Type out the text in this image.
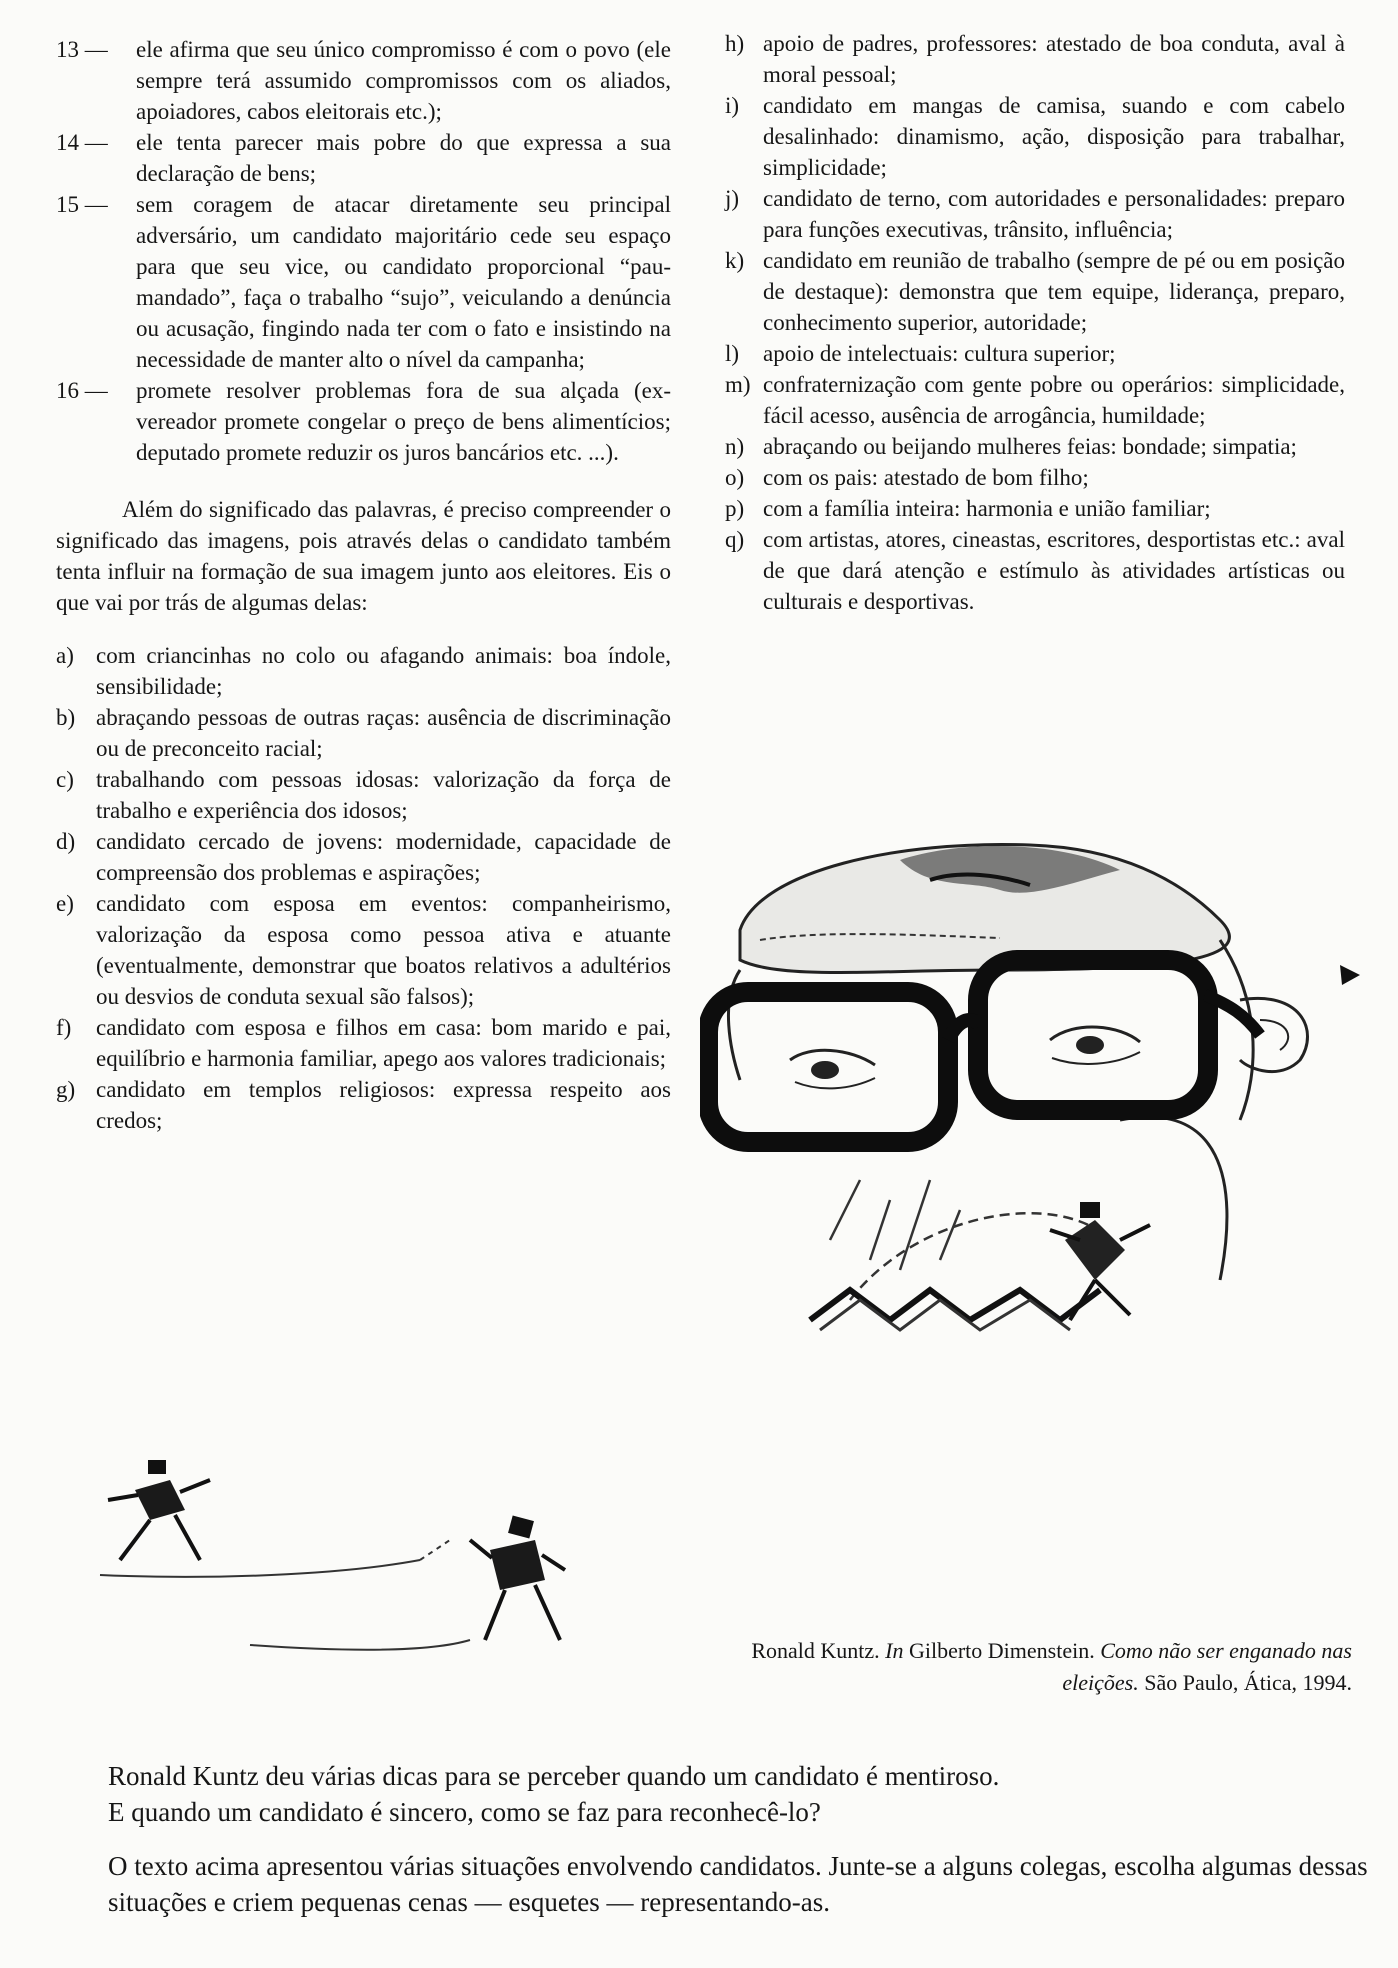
13 —	ele afirma que seu único compromisso é com o povo (ele sempre terá assumido compromissos com os aliados, apoiadores, cabos eleitorais etc.);
14 —	ele tenta parecer mais pobre do que expressa a sua declaração de bens;
15 —	sem coragem de atacar diretamente seu principal adversário, um candidato majoritário cede seu espaço para que seu vice, ou candidato proporcional “pau-mandado”, faça o trabalho “sujo”, veiculando a denúncia ou acusação, fingindo nada ter com o fato e insistindo na necessidade de manter alto o nível da campanha;
16 —	promete resolver problemas fora de sua alçada (ex-vereador promete congelar o preço de bens alimentícios; deputado promete reduzir os juros bancários etc. ...).

Além do significado das palavras, é preciso compreender o significado das imagens, pois através delas o candidato também tenta influir na formação de sua imagem junto aos eleitores. Eis o que vai por trás de algumas delas:

a) com criancinhas no colo ou afagando animais: boa índole, sensibilidade;
b) abraçando pessoas de outras raças: ausência de discriminação ou de preconceito racial;
c) trabalhando com pessoas idosas: valorização da força de trabalho e experiência dos idosos;
d) candidato cercado de jovens: modernidade, capacidade de compreensão dos problemas e aspirações;
e) candidato com esposa em eventos: companheirismo, valorização da esposa como pessoa ativa e atuante (eventualmente, demonstrar que boatos relativos a adultérios ou desvios de conduta sexual são falsos);
f)	candidato com esposa e filhos em casa: bom marido e pai, equilíbrio e harmonia familiar, apego aos valores tradicionais;
g) candidato em templos religiosos: expressa respeito aos credos;
h) apoio de padres, professores: atestado de boa conduta, aval à moral pessoal;
i)	candidato em mangas de camisa, suando e com cabelo desalinhado: dinamismo, ação, disposição para trabalhar, simplicidade;
j)	candidato de terno, com autoridades e personalidades: preparo para funções executivas, trânsito, influência;
k) candidato em reunião de trabalho (sempre de pé ou em posição de destaque): demonstra que tem equipe, liderança, preparo, conhecimento superior, autoridade;
l)	apoio de intelectuais: cultura superior;
m) confraternização com gente pobre ou operários: simplicidade, fácil acesso, ausência de arrogância, humildade;
n) abraçando ou beijando mulheres feias: bondade; simpatia;
o) com os pais: atestado de bom filho;
p) com a família inteira: harmonia e união familiar;
q) com artistas, atores, cineastas, escritores, desportistas etc.: aval de que dará atenção e estímulo às atividades artísticas ou culturais e desportivas.
Ronald Kuntz. In Gilberto Dimenstein. Como não ser enganado nas eleições. São Paulo, Ática, 1994.

Ronald Kuntz deu várias dicas para se perceber quando um candidato é mentiroso.

E quando um candidato é sincero, como se faz para reconhecê-lo?

O texto acima apresentou várias situações envolvendo candidatos. Junte-se a alguns colegas, escolha algumas dessas situações e criem pequenas cenas — esquetes — representando-as.
